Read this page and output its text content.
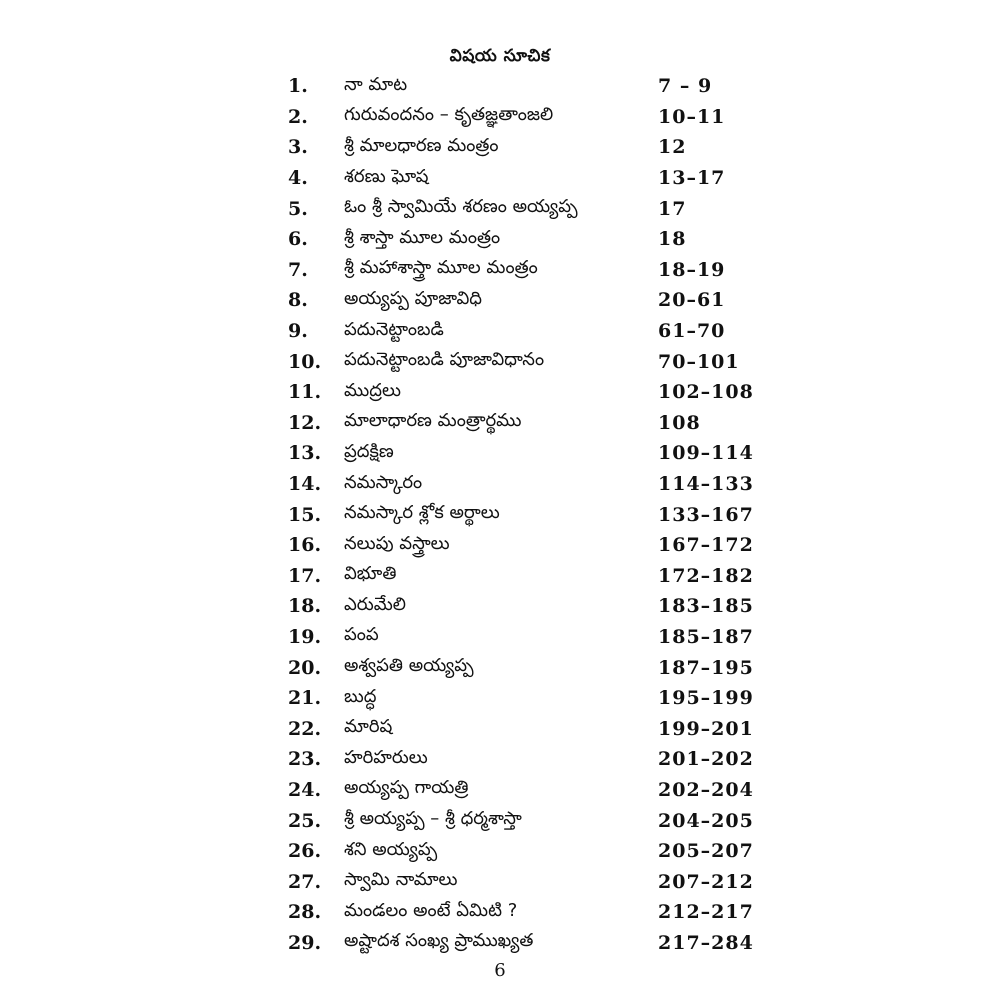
విషయ సూచిక
1.	నా మాట	7 – 9
2.	గురువందనం – కృతజ్ఞతాంజలి	10–11
3.	శ్రీ మాలధారణ మంత్రం	12
4.	శరణు ఘోష	13–17
5.	ఓం శ్రీ స్వామియే శరణం అయ్యప్ప	17
6.	శ్రీ శాస్తా మూల మంత్రం	18
7.	శ్రీ మహాశాస్త్రా మూల మంత్రం	18–19
8.	అయ్యప్ప పూజావిధి	20–61
9.	పదునెట్టాంబడి	61–70
10.	పదునెట్టాంబడి పూజావిధానం	70–101
11.	ముద్రలు	102–108
12.	మాలాధారణ మంత్రార్థము	108
13.	ప్రదక్షిణ	109–114
14.	నమస్కారం	114–133
15.	నమస్కార శ్లోక అర్థాలు	133–167
16.	నలుపు వస్త్రాలు	167–172
17.	విభూతి	172–182
18.	ఎరుమేలి	183–185
19.	పంప	185–187
20.	అశ్వపతి అయ్యప్ప	187–195
21.	బుద్ధ	195–199
22.	మారిష	199–201
23.	హరిహరులు	201–202
24.	అయ్యప్ప గాయత్రి	202–204
25.	శ్రీ అయ్యప్ప – శ్రీ ధర్మశాస్తా	204–205
26.	శని అయ్యప్ప	205–207
27.	స్వామి నామాలు	207–212
28.	మండలం అంటే ఏమిటి ?	212–217
29.	అష్టాదశ సంఖ్య ప్రాముఖ్యత	217–284
6
